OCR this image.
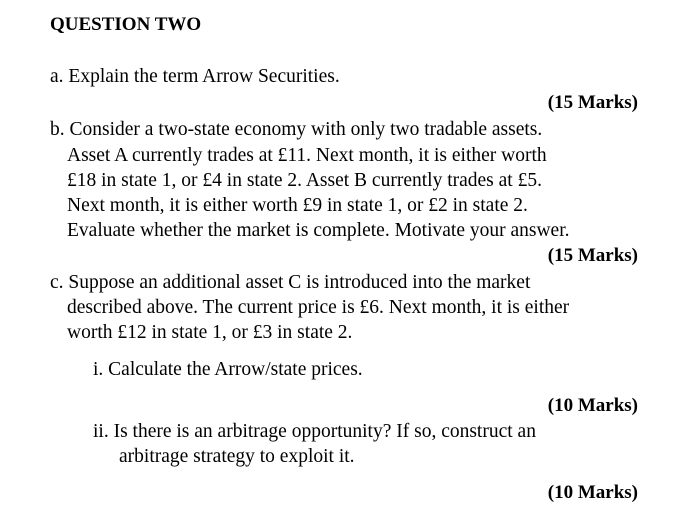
QUESTION TWO
a. Explain the term Arrow Securities.
(15 Marks)
b. Consider a two-state economy with only two tradable assets.
Asset A currently trades at £11. Next month, it is either worth
£18 in state 1, or £4 in state 2. Asset B currently trades at £5.
Next month, it is either worth £9 in state 1, or £2 in state 2.
Evaluate whether the market is complete. Motivate your answer.
(15 Marks)
c. Suppose an additional asset C is introduced into the market
described above. The current price is £6. Next month, it is either
worth £12 in state 1, or £3 in state 2.
i. Calculate the Arrow/state prices.
(10 Marks)
ii. Is there is an arbitrage opportunity? If so, construct an
arbitrage strategy to exploit it.
(10 Marks)
